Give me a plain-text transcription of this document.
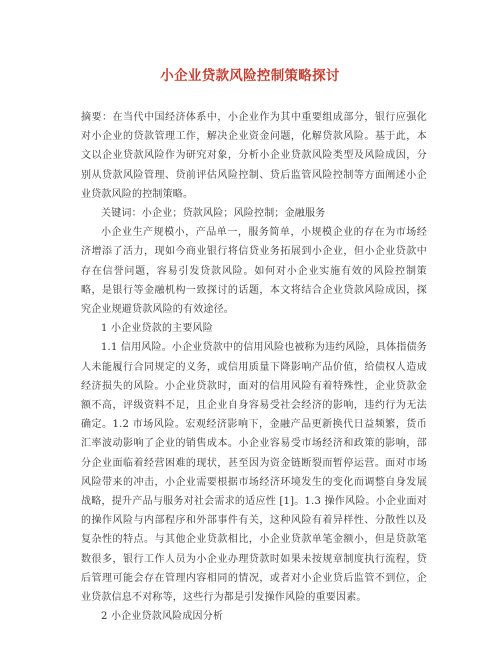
小企业贷款风险控制策略探讨

摘要：在当代中国经济体系中，小企业作为其中重要组成部分，银行应强化对小企业的贷款管理工作，解决企业资金问题，化解贷款风险。基于此，本文以企业贷款风险作为研究对象，分析小企业贷款风险类型及风险成因，分别从贷款风险管理、贷前评估风险控制、贷后监管风险控制等方面阐述小企业贷款风险的控制策略。

关键词：小企业；贷款风险；风险控制；金融服务

小企业生产规模小，产品单一，服务简单，小规模企业的存在为市场经济增添了活力，现如今商业银行将信贷业务拓展到小企业，但小企业贷款中存在信誉问题，容易引发贷款风险。如何对小企业实施有效的风险控制策略，是银行等金融机构一致探讨的话题，本文将结合企业贷款风险成因，探究企业规避贷款风险的有效途径。

1 小企业贷款的主要风险

1.1 信用风险。小企业贷款中的信用风险也被称为违约风险，具体指债务人未能履行合同规定的义务，或信用质量下降影响产品价值，给债权人造成经济损失的风险。小企业贷款时，面对的信用风险有着特殊性，企业贷款金额不高，评级资料不足，且企业自身容易受社会经济的影响，违约行为无法确定。1.2 市场风险。宏观经济影响下，金融产品更新换代日益频繁，货币汇率波动影响了企业的销售成本。小企业容易受市场经济和政策的影响，部分企业面临着经营困难的现状，甚至因为资金链断裂而暂停运营。面对市场风险带来的冲击，小企业需要根据市场经济环境发生的变化而调整自身发展战略，提升产品与服务对社会需求的适应性 [1]。1.3 操作风险。小企业面对的操作风险与内部程序和外部事件有关，这种风险有着异样性、分散性以及复杂性的特点。与其他企业贷款相比，小企业贷款单笔金额小，但是贷款笔数很多，银行工作人员为小企业办理贷款时如果未按规章制度执行流程，贷后管理可能会存在管理内容相同的情况，或者对小企业贷后监管不到位，企业贷款信息不对称等，这些行为都是引发操作风险的重要因素。

2 小企业贷款风险成因分析
